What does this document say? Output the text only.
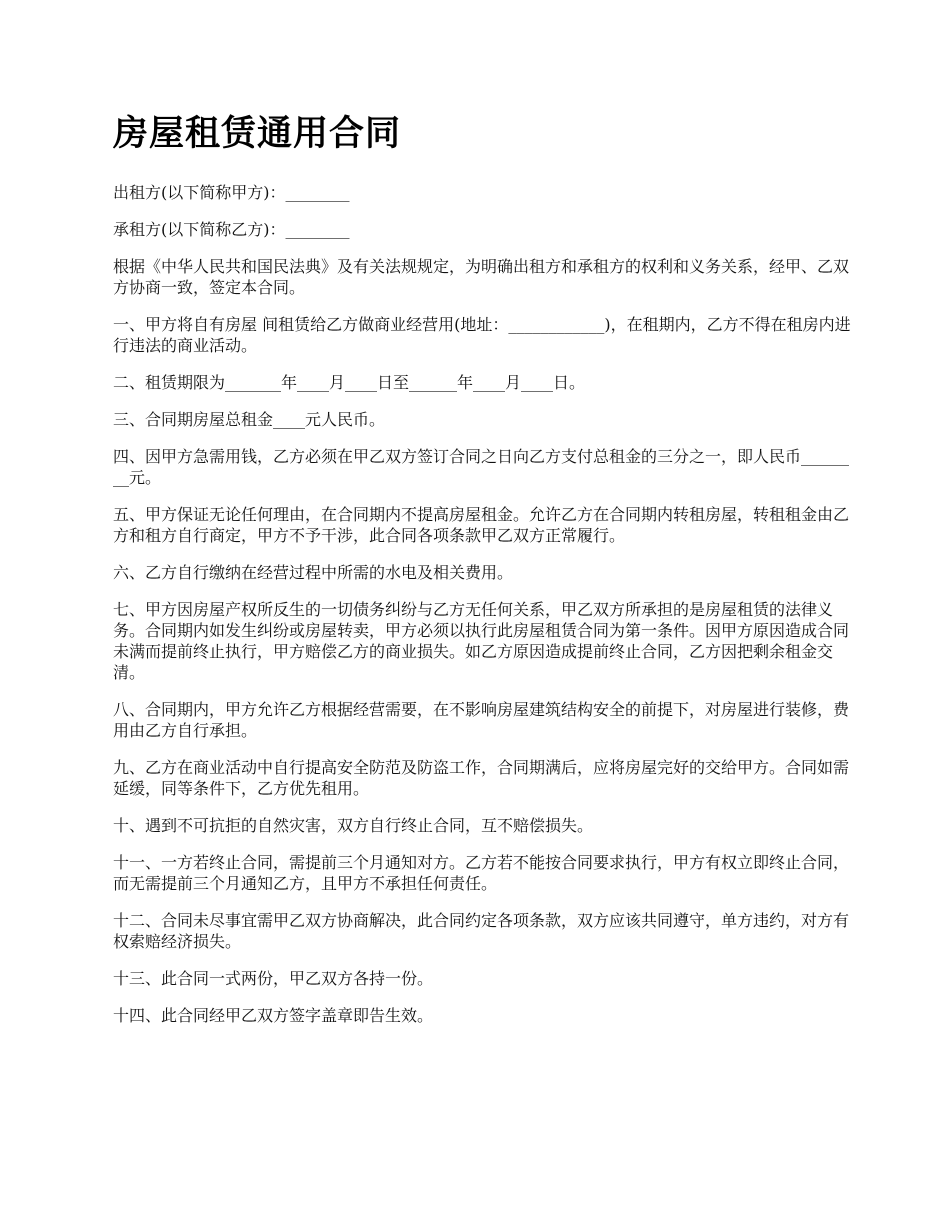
房屋租赁通用合同

出租方(以下简称甲方)：________

承租方(以下简称乙方)：________

根据《中华人民共和国民法典》及有关法规规定，为明确出租方和承租方的权利和义务关系，经甲、乙双方协商一致，签定本合同。

一、甲方将自有房屋 间租赁给乙方做商业经营用(地址：____________)，在租期内，乙方不得在租房内进行违法的商业活动。

二、租赁期限为_______年____月____日至______年____月____日。

三、合同期房屋总租金____元人民币。

四、因甲方急需用钱，乙方必须在甲乙双方签订合同之日向乙方支付总租金的三分之一，即人民币________元。

五、甲方保证无论任何理由，在合同期内不提高房屋租金。允许乙方在合同期内转租房屋，转租租金由乙方和租方自行商定，甲方不予干涉，此合同各项条款甲乙双方正常履行。

六、乙方自行缴纳在经营过程中所需的水电及相关费用。

七、甲方因房屋产权所反生的一切债务纠纷与乙方无任何关系，甲乙双方所承担的是房屋租赁的法律义务。合同期内如发生纠纷或房屋转卖，甲方必须以执行此房屋租赁合同为第一条件。因甲方原因造成合同未满而提前终止执行，甲方赔偿乙方的商业损失。如乙方原因造成提前终止合同，乙方因把剩余租金交清。

八、合同期内，甲方允许乙方根据经营需要，在不影响房屋建筑结构安全的前提下，对房屋进行装修，费用由乙方自行承担。

九、乙方在商业活动中自行提高安全防范及防盗工作，合同期满后，应将房屋完好的交给甲方。合同如需延缓，同等条件下，乙方优先租用。

十、遇到不可抗拒的自然灾害，双方自行终止合同，互不赔偿损失。

十一、一方若终止合同，需提前三个月通知对方。乙方若不能按合同要求执行，甲方有权立即终止合同，而无需提前三个月通知乙方，且甲方不承担任何责任。

十二、合同未尽事宜需甲乙双方协商解决，此合同约定各项条款，双方应该共同遵守，单方违约，对方有权索赔经济损失。

十三、此合同一式两份，甲乙双方各持一份。

十四、此合同经甲乙双方签字盖章即告生效。
